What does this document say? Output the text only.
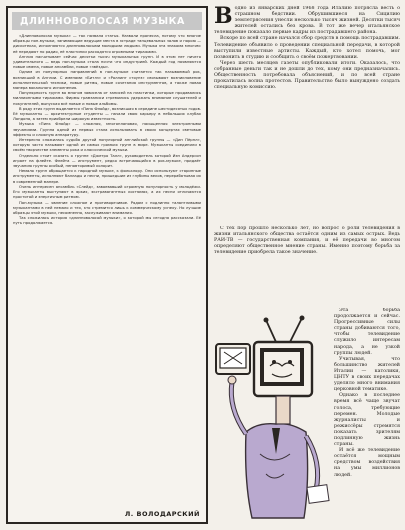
ДЛИННОВОЛОСАЯ МУЗЫКА

«Длинноволосая музыка» — так назвала статья. Назвали пронесла, потому что многие образцы поп-музыки, занимающие ведущие места в эстраде танцевальных залов и порою — дискотеках, исполняются длинноволосыми молодыми людьми. Музыка эта знакома многим: её передают по радио, её пластинки расходятся огромными тиражами.

Англия насчитывает сейчас десятки тысяч музыкальных групп. И в этом нет ничего удивительного — ведь поп-музыка стала почти что индустрией. Каждый год появляются новые имена, новые ансамбли, новые «звёзды».

Одним из популярных направлений в поп-музыке считается так называемый рок, возникший в Англии. С именами «Битлз» и «Роллинг стоунз» связывают возникновение исполнительской техники, новые ритмы, новые сочетания инструментов, а также новая манера вокального исполнения.

Популярность групп во многом зависела от записей на пластинки, которые продавались миллионными тиражами. Фирмы грамзаписи стремились удержать внимание слушателей и покупателей, выпуская всё новые и новые альбомы.

В ряду этих групп выделяется «Пинк Флойд», возникшая в середине шестидесятых годов. Её музыканты — архитектурные студенты — начали свою карьеру в небольших клубах Лондона, а затем приобрели широкую известность.

Музыка «Пинк Флойд» — сложная, многоплановая, насыщенная электронными звучаниями. Группа одной из первых стала использовать в своих концертах световые эффекты и сложную аппаратуру.

Интересно сложилась судьба другой популярной английской группы — «Дип Пёрпл», которую часто называют одной из самых громких групп в мире. Музыканты соединили в своём творчестве элементы рока и классической музыки.

Отдельно стоит сказать о группе «Джетро Талл», руководитель которой Иэн Андерсон играет на флейте. Флейта — инструмент, редко встречающийся в рок-музыке, придаёт звучанию группы особый, неповторимый колорит.

Немало групп обращается к народной музыке, к фольклору. Они используют старинные инструменты, исполняют баллады и песни, пришедшие из глубины веков, перерабатывая их в современной манере.

Очень интересен ансамбль «Слейд», завоевавший огромную популярность у молодёжи. Его музыканты выступают в ярких, экстравагантных костюмах, а их песни отличаются простотой и энергичным ритмом.

Поп-музыка — явление сложное и противоречивое. Рядом с подлинно талантливыми музыкантами в ней немало и тех, кто стремится лишь к коммерческому успеху. Но лучшие образцы этой музыки, несомненно, заслуживают внимания.

Так сложилась история «длинноволосой музыки», о которой мы сегодня рассказали. Её путь продолжается.

Л. ВОЛОДАРСКИЙ

Водно из январских дней 1968 года Италию потрясла весть о страшном бедствии. Обрушившиеся на Сицилию землетрясения унесли несколько тысяч жизней. Десятки тысяч жителей остались без крова. В тот же вечер итальянское телевидение показало первые кадры из пострадавшего района.

Вскоре по всей стране начался сбор средств в помощь пострадавшим. Телевидение объявило о проведении специальной передачи, в которой выступили известные артисты. Каждый, кто хотел помочь, мог позвонить в студию и сообщить о своём пожертвовании.

Через шесть месяцев газеты опубликовали итоги. Оказалось, что собранные деньги так и не дошли до тех, кому они предназначались. Общественность потребовала объяснений, и по всей стране прокатилась волна протестов. Правительство было вынуждено создать специальную комиссию.

С тех пор прошло несколько лет, но вопрос о роли телевидения в жизни итальянского общества остаётся одним из самых острых. Ведь РАИ-ТВ — государственная компания, и её передачи во многом определяют общественное мнение страны. Именно поэтому борьба за телевидение приобрела такое значение.

Эта борьба продолжается и сейчас. Прогрессивные силы страны добиваются того, чтобы телевидение служило интересам народа, а не узкой группы людей.

Учитывая, что большинство жителей Италии — католики, ЦНТУ в своих передачах уделяло много внимания церковной тематике.

Однако в последнее время всё чаще звучат голоса, требующие перемен. Молодые журналисты и режиссёры стремятся показать зрителям подлинную жизнь страны.

И всё же телевидение остаётся мощным средством воздействия на умы миллионов людей.
